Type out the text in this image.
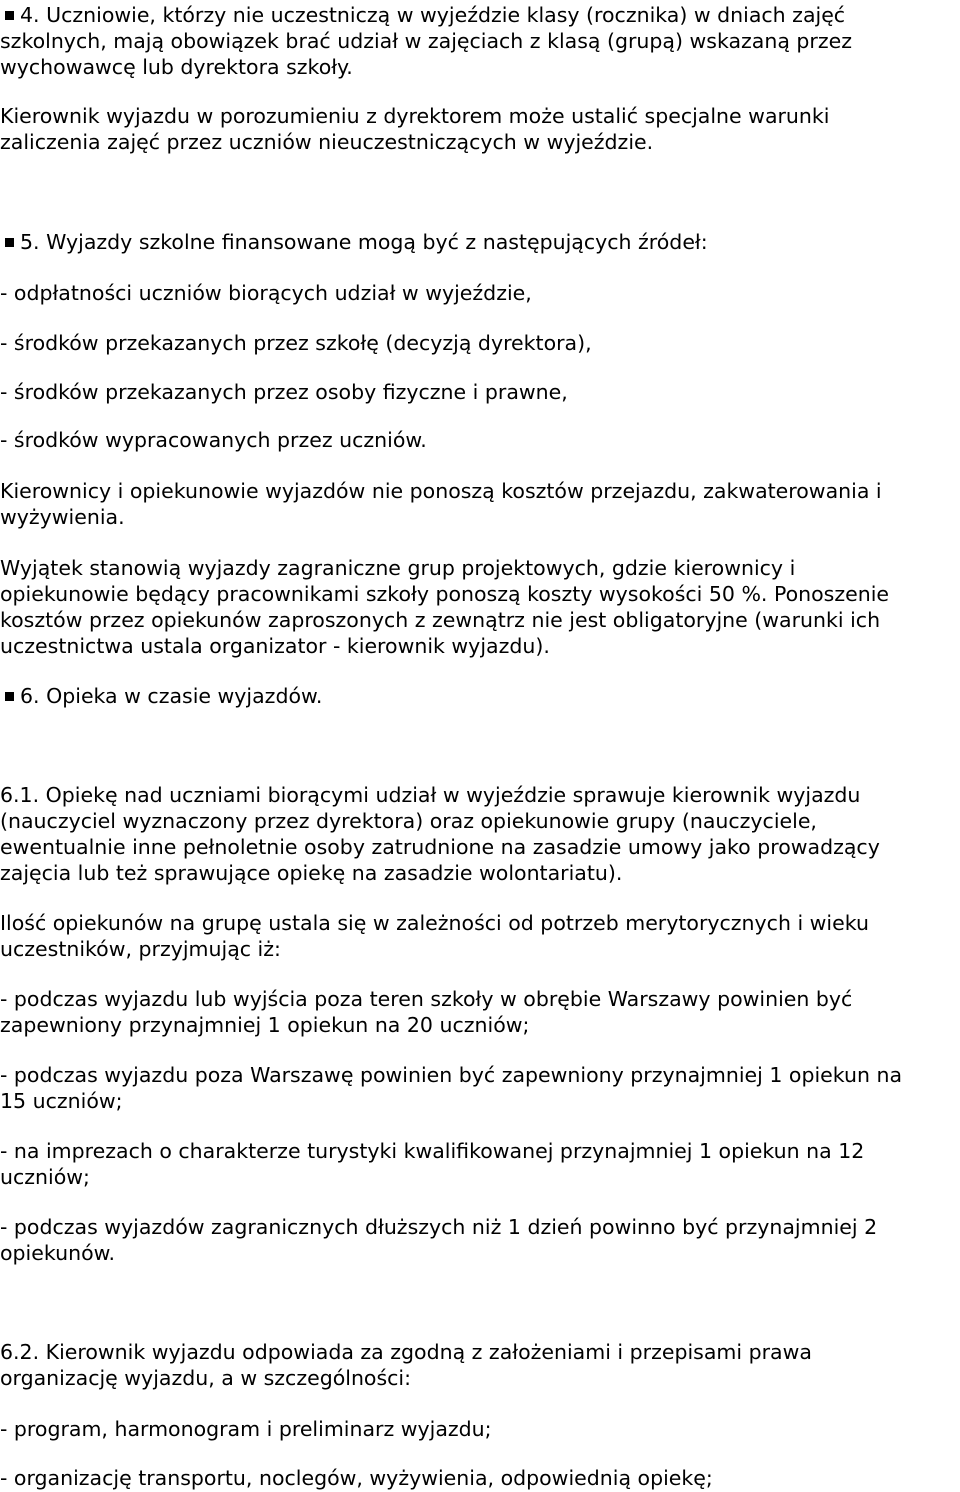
4. Uczniowie, którzy nie uczestniczą w wyjeździe klasy (rocznika) w dniach zajęć
szkolnych, mają obowiązek brać udział w zajęciach z klasą (grupą) wskazaną przez
wychowawcę lub dyrektora szkoły.
Kierownik wyjazdu w porozumieniu z dyrektorem może ustalić specjalne warunki
zaliczenia zajęć przez uczniów nieuczestniczących w wyjeździe.
5. Wyjazdy szkolne finansowane mogą być z następujących źródeł:
- odpłatności uczniów biorących udział w wyjeździe,
- środków przekazanych przez szkołę (decyzją dyrektora),
- środków przekazanych przez osoby fizyczne i prawne,
- środków wypracowanych przez uczniów.
Kierownicy i opiekunowie wyjazdów nie ponoszą kosztów przejazdu, zakwaterowania i
wyżywienia.
Wyjątek stanowią wyjazdy zagraniczne grup projektowych, gdzie kierownicy i
opiekunowie będący pracownikami szkoły ponoszą koszty wysokości 50 %. Ponoszenie
kosztów przez opiekunów zaproszonych z zewnątrz nie jest obligatoryjne (warunki ich
uczestnictwa ustala organizator - kierownik wyjazdu).
6. Opieka w czasie wyjazdów.
6.1. Opiekę nad uczniami biorącymi udział w wyjeździe sprawuje kierownik wyjazdu
(nauczyciel wyznaczony przez dyrektora) oraz opiekunowie grupy (nauczyciele,
ewentualnie inne pełnoletnie osoby zatrudnione na zasadzie umowy jako prowadzący
zajęcia lub też sprawujące opiekę na zasadzie wolontariatu).
Ilość opiekunów na grupę ustala się w zależności od potrzeb merytorycznych i wieku
uczestników, przyjmując iż:
- podczas wyjazdu lub wyjścia poza teren szkoły w obrębie Warszawy powinien być
zapewniony przynajmniej 1 opiekun na 20 uczniów;
- podczas wyjazdu poza Warszawę powinien być zapewniony przynajmniej 1 opiekun na
15 uczniów;
- na imprezach o charakterze turystyki kwalifikowanej przynajmniej 1 opiekun na 12
uczniów;
- podczas wyjazdów zagranicznych dłuższych niż 1 dzień powinno być przynajmniej 2
opiekunów.
6.2. Kierownik wyjazdu odpowiada za zgodną z założeniami i przepisami prawa
organizację wyjazdu, a w szczególności:
- program, harmonogram i preliminarz wyjazdu;
- organizację transportu, noclegów, wyżywienia, odpowiednią opiekę;
